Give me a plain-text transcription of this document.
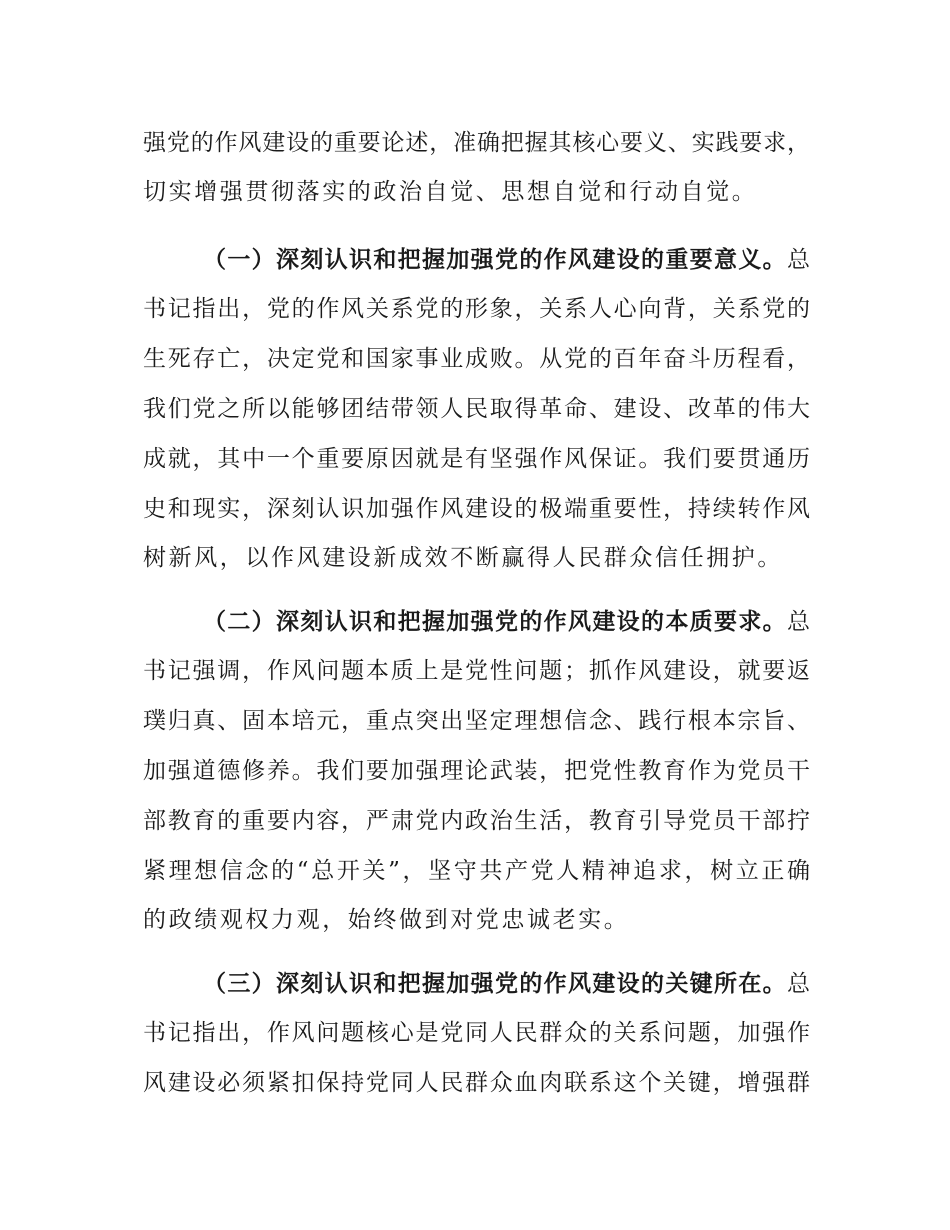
强党的作风建设的重要论述，准确把握其核心要义、实践要求，
切实增强贯彻落实的政治自觉、思想自觉和行动自觉。
（一）深刻认识和把握加强党的作风建设的重要意义。总
书记指出，党的作风关系党的形象，关系人心向背，关系党的
生死存亡，决定党和国家事业成败。从党的百年奋斗历程看，
我们党之所以能够团结带领人民取得革命、建设、改革的伟大
成就，其中一个重要原因就是有坚强作风保证。我们要贯通历
史和现实，深刻认识加强作风建设的极端重要性，持续转作风
树新风，以作风建设新成效不断赢得人民群众信任拥护。
（二）深刻认识和把握加强党的作风建设的本质要求。总
书记强调，作风问题本质上是党性问题；抓作风建设，就要返
璞归真、固本培元，重点突出坚定理想信念、践行根本宗旨、
加强道德修养。我们要加强理论武装，把党性教育作为党员干
部教育的重要内容，严肃党内政治生活，教育引导党员干部拧
紧理想信念的“总开关”，坚守共产党人精神追求，树立正确
的政绩观权力观，始终做到对党忠诚老实。
（三）深刻认识和把握加强党的作风建设的关键所在。总
书记指出，作风问题核心是党同人民群众的关系问题，加强作
风建设必须紧扣保持党同人民群众血肉联系这个关键，增强群
